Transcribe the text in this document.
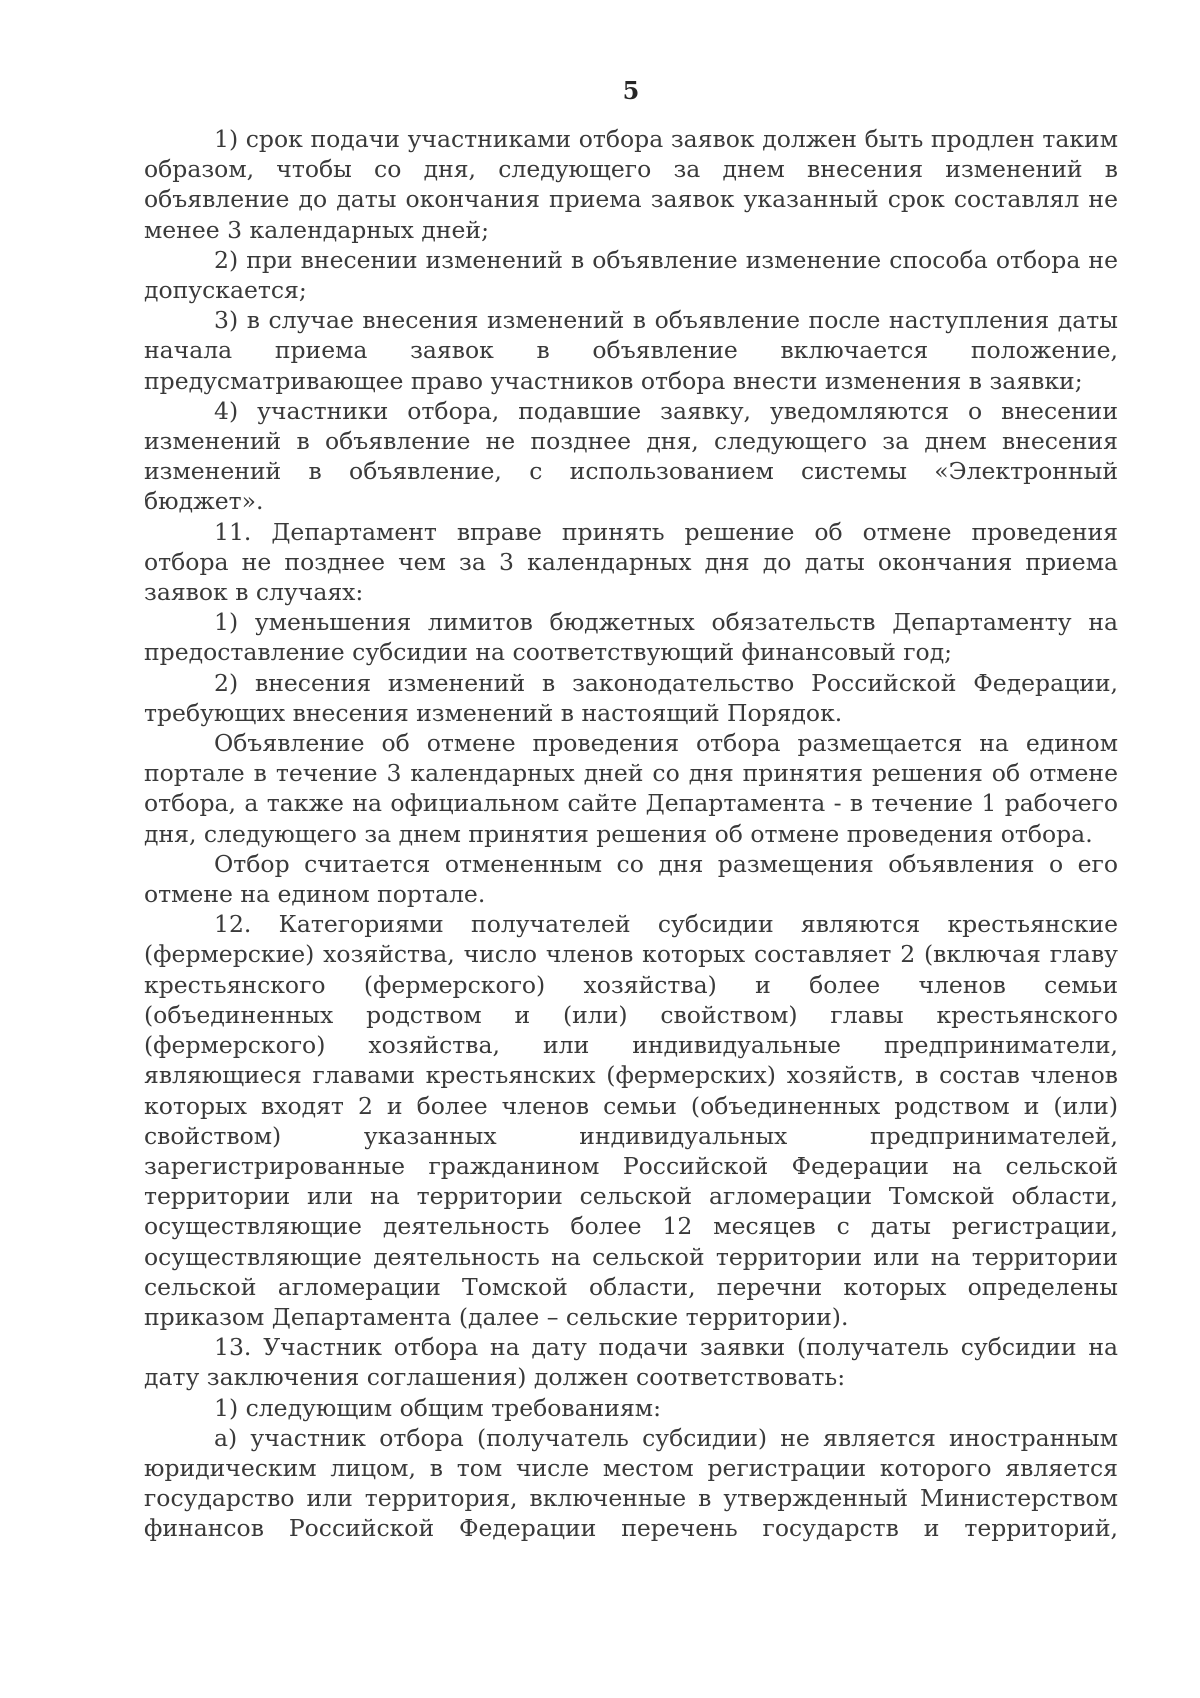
5

1) срок подачи участниками отбора заявок должен быть продлен таким образом, чтобы со дня, следующего за днем внесения изменений в объявление до даты окончания приема заявок указанный срок составлял не менее 3 календарных дней;

2) при внесении изменений в объявление изменение способа отбора не допускается;

3) в случае внесения изменений в объявление после наступления даты начала приема заявок в объявление включается положение, предусматривающее право участников отбора внести изменения в заявки;

4) участники отбора, подавшие заявку, уведомляются о внесении изменений в объявление не позднее дня, следующего за днем внесения изменений в объявление, с использованием системы «Электронный бюджет».

11. Департамент вправе принять решение об отмене проведения отбора не позднее чем за 3 календарных дня до даты окончания приема заявок в случаях:

1) уменьшения лимитов бюджетных обязательств Департаменту на предоставление субсидии на соответствующий финансовый год;

2) внесения изменений в законодательство Российской Федерации, требующих внесения изменений в настоящий Порядок.

Объявление об отмене проведения отбора размещается на едином портале в течение 3 календарных дней со дня принятия решения об отмене отбора, а также на официальном сайте Департамента - в течение 1 рабочего дня, следующего за днем принятия решения об отмене проведения отбора.

Отбор считается отмененным со дня размещения объявления о его отмене на едином портале.

12. Категориями получателей субсидии являются крестьянские (фермерские) хозяйства, число членов которых составляет 2 (включая главу крестьянского (фермерского) хозяйства) и более членов семьи (объединенных родством и (или) свойством) главы крестьянского (фермерского) хозяйства, или индивидуальные предприниматели, являющиеся главами крестьянских (фермерских) хозяйств, в состав членов которых входят 2 и более членов семьи (объединенных родством и (или) свойством) указанных индивидуальных предпринимателей, зарегистрированные гражданином Российской Федерации на сельской территории или на территории сельской агломерации Томской области, осуществляющие деятельность более 12 месяцев с даты регистрации, осуществляющие деятельность на сельской территории или на территории сельской агломерации Томской области, перечни которых определены приказом Департамента (далее – сельские территории).

13. Участник отбора на дату подачи заявки (получатель субсидии на дату заключения соглашения) должен соответствовать:

1) следующим общим требованиям:

а) участник отбора (получатель субсидии) не является иностранным юридическим лицом, в том числе местом регистрации которого является государство или территория, включенные в утвержденный Министерством финансов Российской Федерации перечень государств и территорий,
